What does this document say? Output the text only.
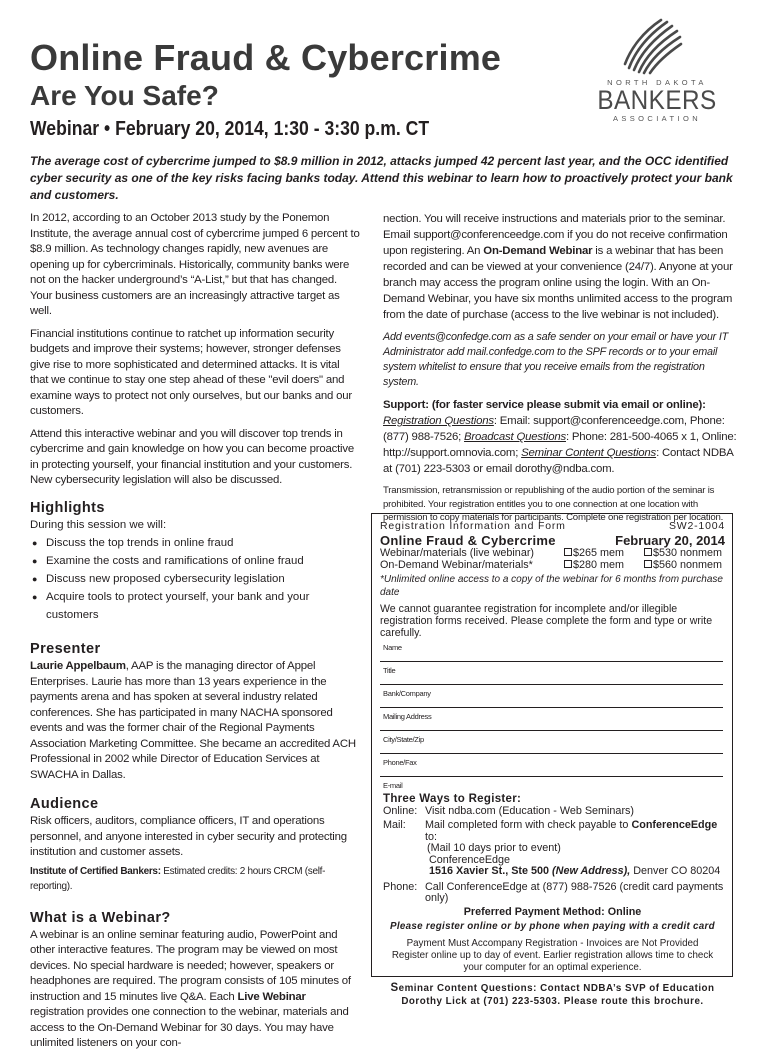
Online Fraud & Cybercrime
Are You Safe?
Webinar • February 20, 2014, 1:30 - 3:30 p.m. CT
NORTH DAKOTA
BANKERS
ASSOCIATION
The average cost of cybercrime jumped to $8.9 million in 2012, attacks jumped 42 percent last year, and the OCC identified cyber security as one of the key risks facing banks today. Attend this webinar to learn how to proactively protect your bank and customers.

In 2012, according to an October 2013 study by the Ponemon Institute, the average annual cost of cybercrime jumped 6 percent to $8.9 million. As technology changes rapidly, new avenues are opening up for cybercriminals. Historically, community banks were not on the hacker underground’s “A-List,” but that has changed. Your business customers are an increasingly attractive target as well.

Financial institutions continue to ratchet up information security budgets and improve their systems; however, stronger defenses give rise to more sophisticated and determined attacks. It is vital that we continue to stay one step ahead of these "evil doers" and examine ways to protect not only ourselves, but our banks and our customers.

Attend this interactive webinar and you will discover top trends in cybercrime and gain knowledge on how you can become proactive in protecting yourself, your financial institution and your customers. New cybersecurity legislation will also be discussed.

Highlights
During this session we will:
● Discuss the top trends in online fraud
● Examine the costs and ramifications of online fraud
● Discuss new proposed cybersecurity legislation
● Acquire tools to protect yourself, your bank and your customers
Presenter

Laurie Appelbaum, AAP is the managing director of Appel Enterprises. Laurie has more than 13 years experience in the payments arena and has spoken at several industry related conferences. She has participated in many NACHA sponsored events and was the former chair of the Regional Payments Association Marketing Committee. She became an accredited ACH Professional in 2002 while Director of Education Services at SWACHA in Dallas.

Audience

Risk officers, auditors, compliance officers, IT and operations personnel, and anyone interested in cyber security and protecting institution and customer assets.

Institute of Certified Bankers: Estimated credits: 2 hours CRCM (self-reporting).
What is a Webinar?

A webinar is an online seminar featuring audio, PowerPoint and other interactive features. The program may be viewed on most devices. No special hardware is needed; however, speakers or headphones are required. The program consists of 105 minutes of instruction and 15 minutes live Q&A. Each Live Webinar registration provides one connection to the webinar, materials and access to the On-Demand Webinar for 30 days. You may have unlimited listeners on your con-

nection. You will receive instructions and materials prior to the seminar. Email support@conferenceedge.com if you do not receive confirmation upon registering. An On-Demand Webinar is a webinar that has been recorded and can be viewed at your convenience (24/7). Anyone at your branch may access the program online using the login. With an On-Demand Webinar, you have six months unlimited access to the program from the date of purchase (access to the live webinar is not included).

Add events@confedge.com as a safe sender on your email or have your IT Administrator add mail.confedge.com to the SPF records or to your email system whitelist to ensure that you receive emails from the registration system.

Support: (for faster service please submit via email or online):

Registration Questions: Email: support@conferenceedge.com, Phone: (877) 988-7526; Broadcast Questions: Phone: 281-500-4065 x 1, Online: http://support.omnovia.com; Seminar Content Questions: Contact NDBA at (701) 223-5303 or email dorothy@ndba.com.

Transmission, retransmission or republishing of the audio portion of the seminar is prohibited. Your registration entitles you to one connection at one location with permission to copy materials for participants. Complete one registration per location.

Registration Information and Form	SW2-1004
Online Fraud & Cybercrime	February 20, 2014
Webinar/materials (live webinar)	$265 mem	$530 nonmem
On-Demand Webinar/materials*	$280 mem	$560 nonmem
*Unlimited online access to a copy of the webinar for 6 months from purchase date
We cannot guarantee registration for incomplete and/or illegible registration forms received. Please complete the form and type or write carefully.
Name
Title
Bank/Company
Mailing Address
City/State/Zip
Phone/Fax
E-mail
Three Ways to Register:
Online: Visit ndba.com (Education - Web Seminars)
Mail:	Mail completed form with check payable to ConferenceEdge to:
(Mail 10 days prior to event)
ConferenceEdge
1516 Xavier St., Ste 500 (New Address), Denver CO 80204
Phone: Call ConferenceEdge at (877) 988-7526 (credit card payments only)
Preferred Payment Method: Online
Please register online or by phone when paying with a credit card
Payment Must Accompany Registration - Invoices are Not Provided
Register online up to day of event. Earlier registration allows time to check your computer for an optimal experience.
Seminar Content Questions: Contact NDBA’s SVP of Education
Dorothy Lick at (701) 223-5303. Please route this brochure.
